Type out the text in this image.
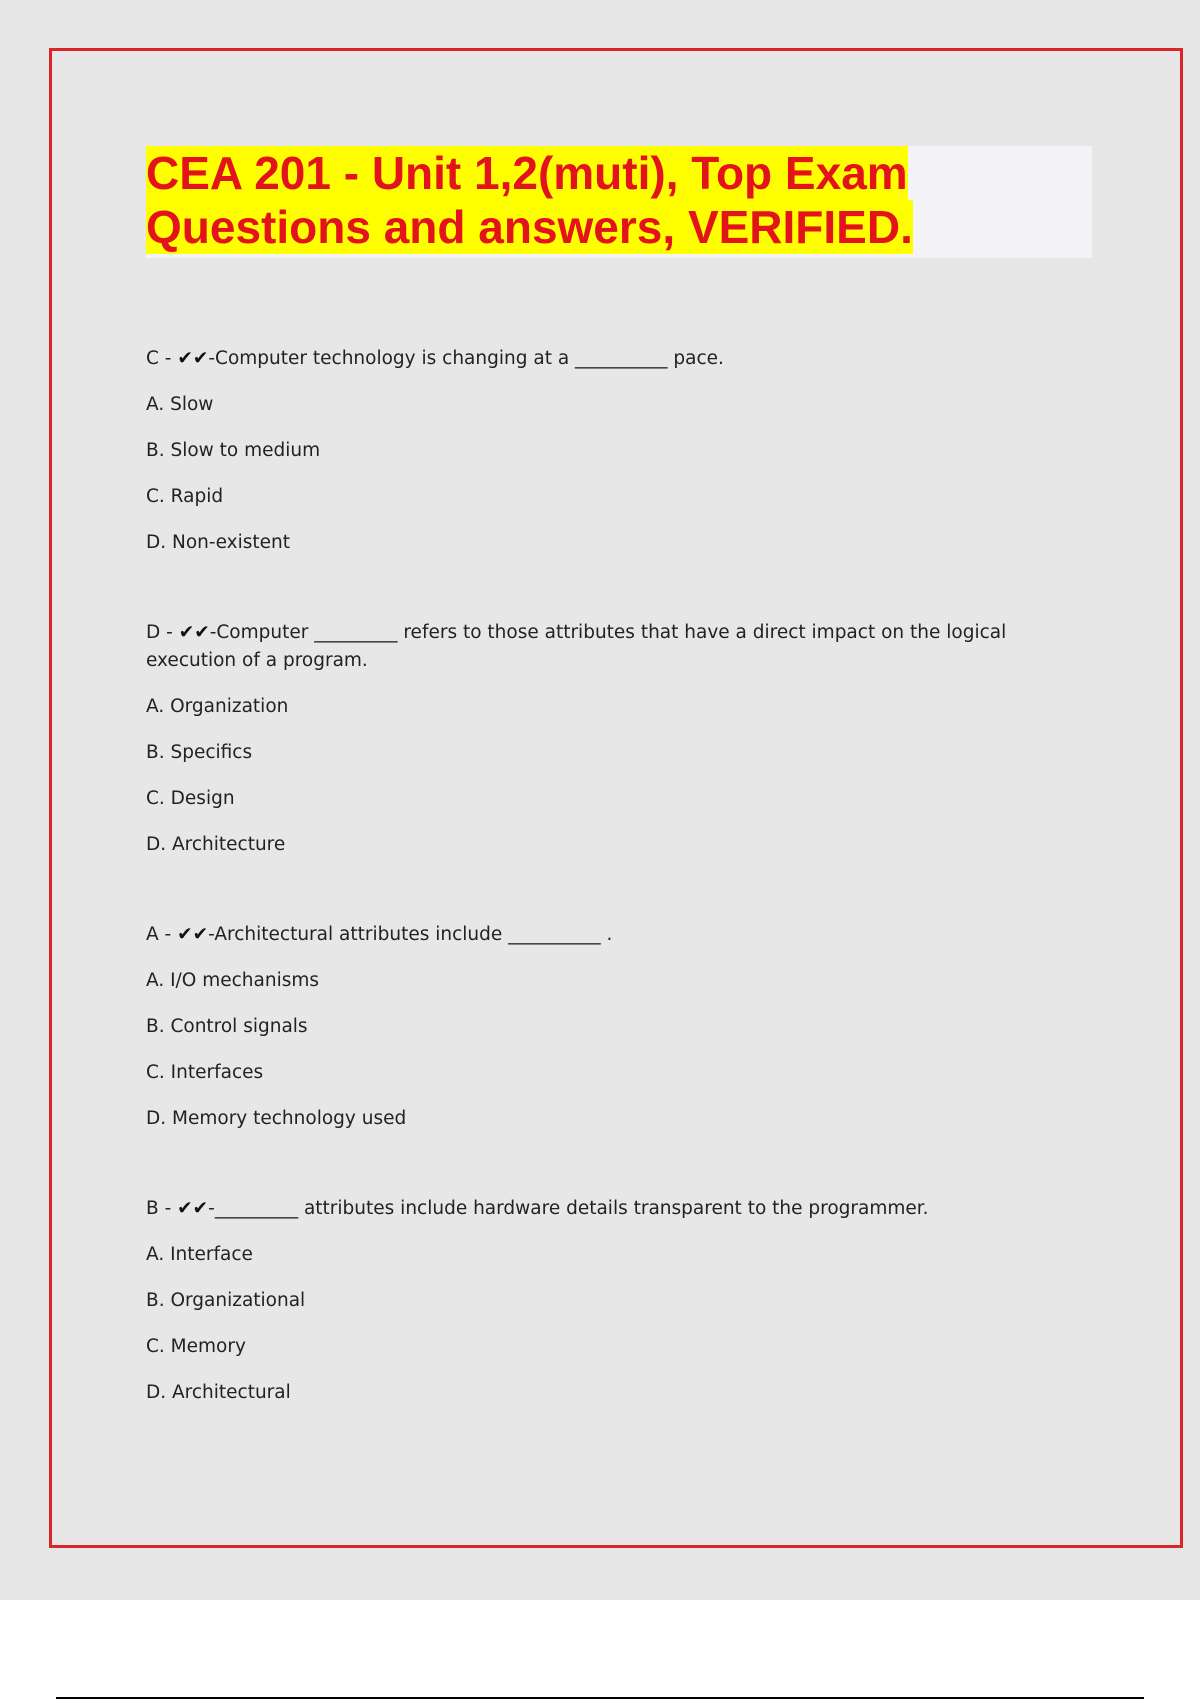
CEA 201 - Unit 1,2(muti), Top Exam
Questions and answers, VERIFIED.
C - ✔✔-Computer technology is changing at a __________ pace.
A. Slow
B. Slow to medium
C. Rapid
D. Non-existent
D - ✔✔-Computer _________ refers to those attributes that have a direct impact on the logical execution of a program.
A. Organization
B. Specifics
C. Design
D. Architecture
A - ✔✔-Architectural attributes include __________ .
A. I/O mechanisms
B. Control signals
C. Interfaces
D. Memory technology used
B - ✔✔-_________ attributes include hardware details transparent to the programmer.
A. Interface
B. Organizational
C. Memory
D. Architectural
